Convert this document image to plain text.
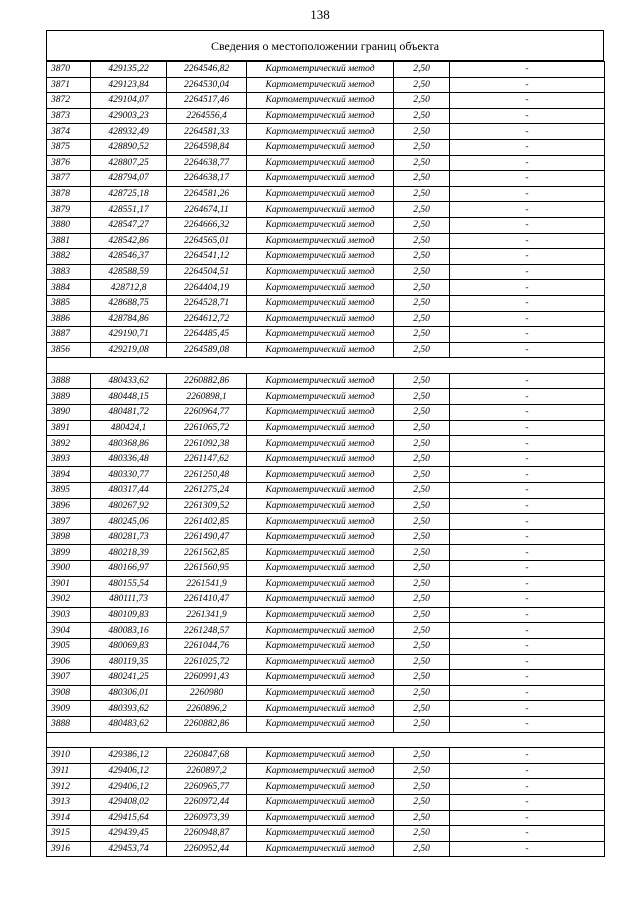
138
Сведения о местоположении границ объекта
3870	429135,22	2264546,82	Картометрический метод	2,50	-
3871	429123,84	2264530,04	Картометрический метод	2,50	-
3872	429104,07	2264517,46	Картометрический метод	2,50	-
3873	429003,23	2264556,4	Картометрический метод	2,50	-
3874	428932,49	2264581,33	Картометрический метод	2,50	-
3875	428890,52	2264598,84	Картометрический метод	2,50	-
3876	428807,25	2264638,77	Картометрический метод	2,50	-
3877	428794,07	2264638,17	Картометрический метод	2,50	-
3878	428725,18	2264581,26	Картометрический метод	2,50	-
3879	428551,17	2264674,11	Картометрический метод	2,50	-
3880	428547,27	2264666,32	Картометрический метод	2,50	-
3881	428542,86	2264565,01	Картометрический метод	2,50	-
3882	428546,37	2264541,12	Картометрический метод	2,50	-
3883	428588,59	2264504,51	Картометрический метод	2,50	-
3884	428712,8	2264404,19	Картометрический метод	2,50	-
3885	428688,75	2264528,71	Картометрический метод	2,50	-
3886	428784,86	2264612,72	Картометрический метод	2,50	-
3887	429190,71	2264485,45	Картометрический метод	2,50	-
3856	429219,08	2264589,08	Картометрический метод	2,50	-

3888	480433,62	2260882,86	Картометрический метод	2,50	-
3889	480448,15	2260898,1	Картометрический метод	2,50	-
3890	480481,72	2260964,77	Картометрический метод	2,50	-
3891	480424,1	2261065,72	Картометрический метод	2,50	-
3892	480368,86	2261092,38	Картометрический метод	2,50	-
3893	480336,48	2261147,62	Картометрический метод	2,50	-
3894	480330,77	2261250,48	Картометрический метод	2,50	-
3895	480317,44	2261275,24	Картометрический метод	2,50	-
3896	480267,92	2261309,52	Картометрический метод	2,50	-
3897	480245,06	2261402,85	Картометрический метод	2,50	-
3898	480281,73	2261490,47	Картометрический метод	2,50	-
3899	480218,39	2261562,85	Картометрический метод	2,50	-
3900	480166,97	2261560,95	Картометрический метод	2,50	-
3901	480155,54	2261541,9	Картометрический метод	2,50	-
3902	480111,73	2261410,47	Картометрический метод	2,50	-
3903	480109,83	2261341,9	Картометрический метод	2,50	-
3904	480083,16	2261248,57	Картометрический метод	2,50	-
3905	480069,83	2261044,76	Картометрический метод	2,50	-
3906	480119,35	2261025,72	Картометрический метод	2,50	-
3907	480241,25	2260991,43	Картометрический метод	2,50	-
3908	480306,01	2260980	Картометрический метод	2,50	-
3909	480393,62	2260896,2	Картометрический метод	2,50	-
3888	480483,62	2260882,86	Картометрический метод	2,50	-

3910	429386,12	2260847,68	Картометрический метод	2,50	-
3911	429406,12	2260897,2	Картометрический метод	2,50	-
3912	429406,12	2260965,77	Картометрический метод	2,50	-
3913	429408,02	2260972,44	Картометрический метод	2,50	-
3914	429415,64	2260973,39	Картометрический метод	2,50	-
3915	429439,45	2260948,87	Картометрический метод	2,50	-
3916	429453,74	2260952,44	Картометрический метод	2,50	-
